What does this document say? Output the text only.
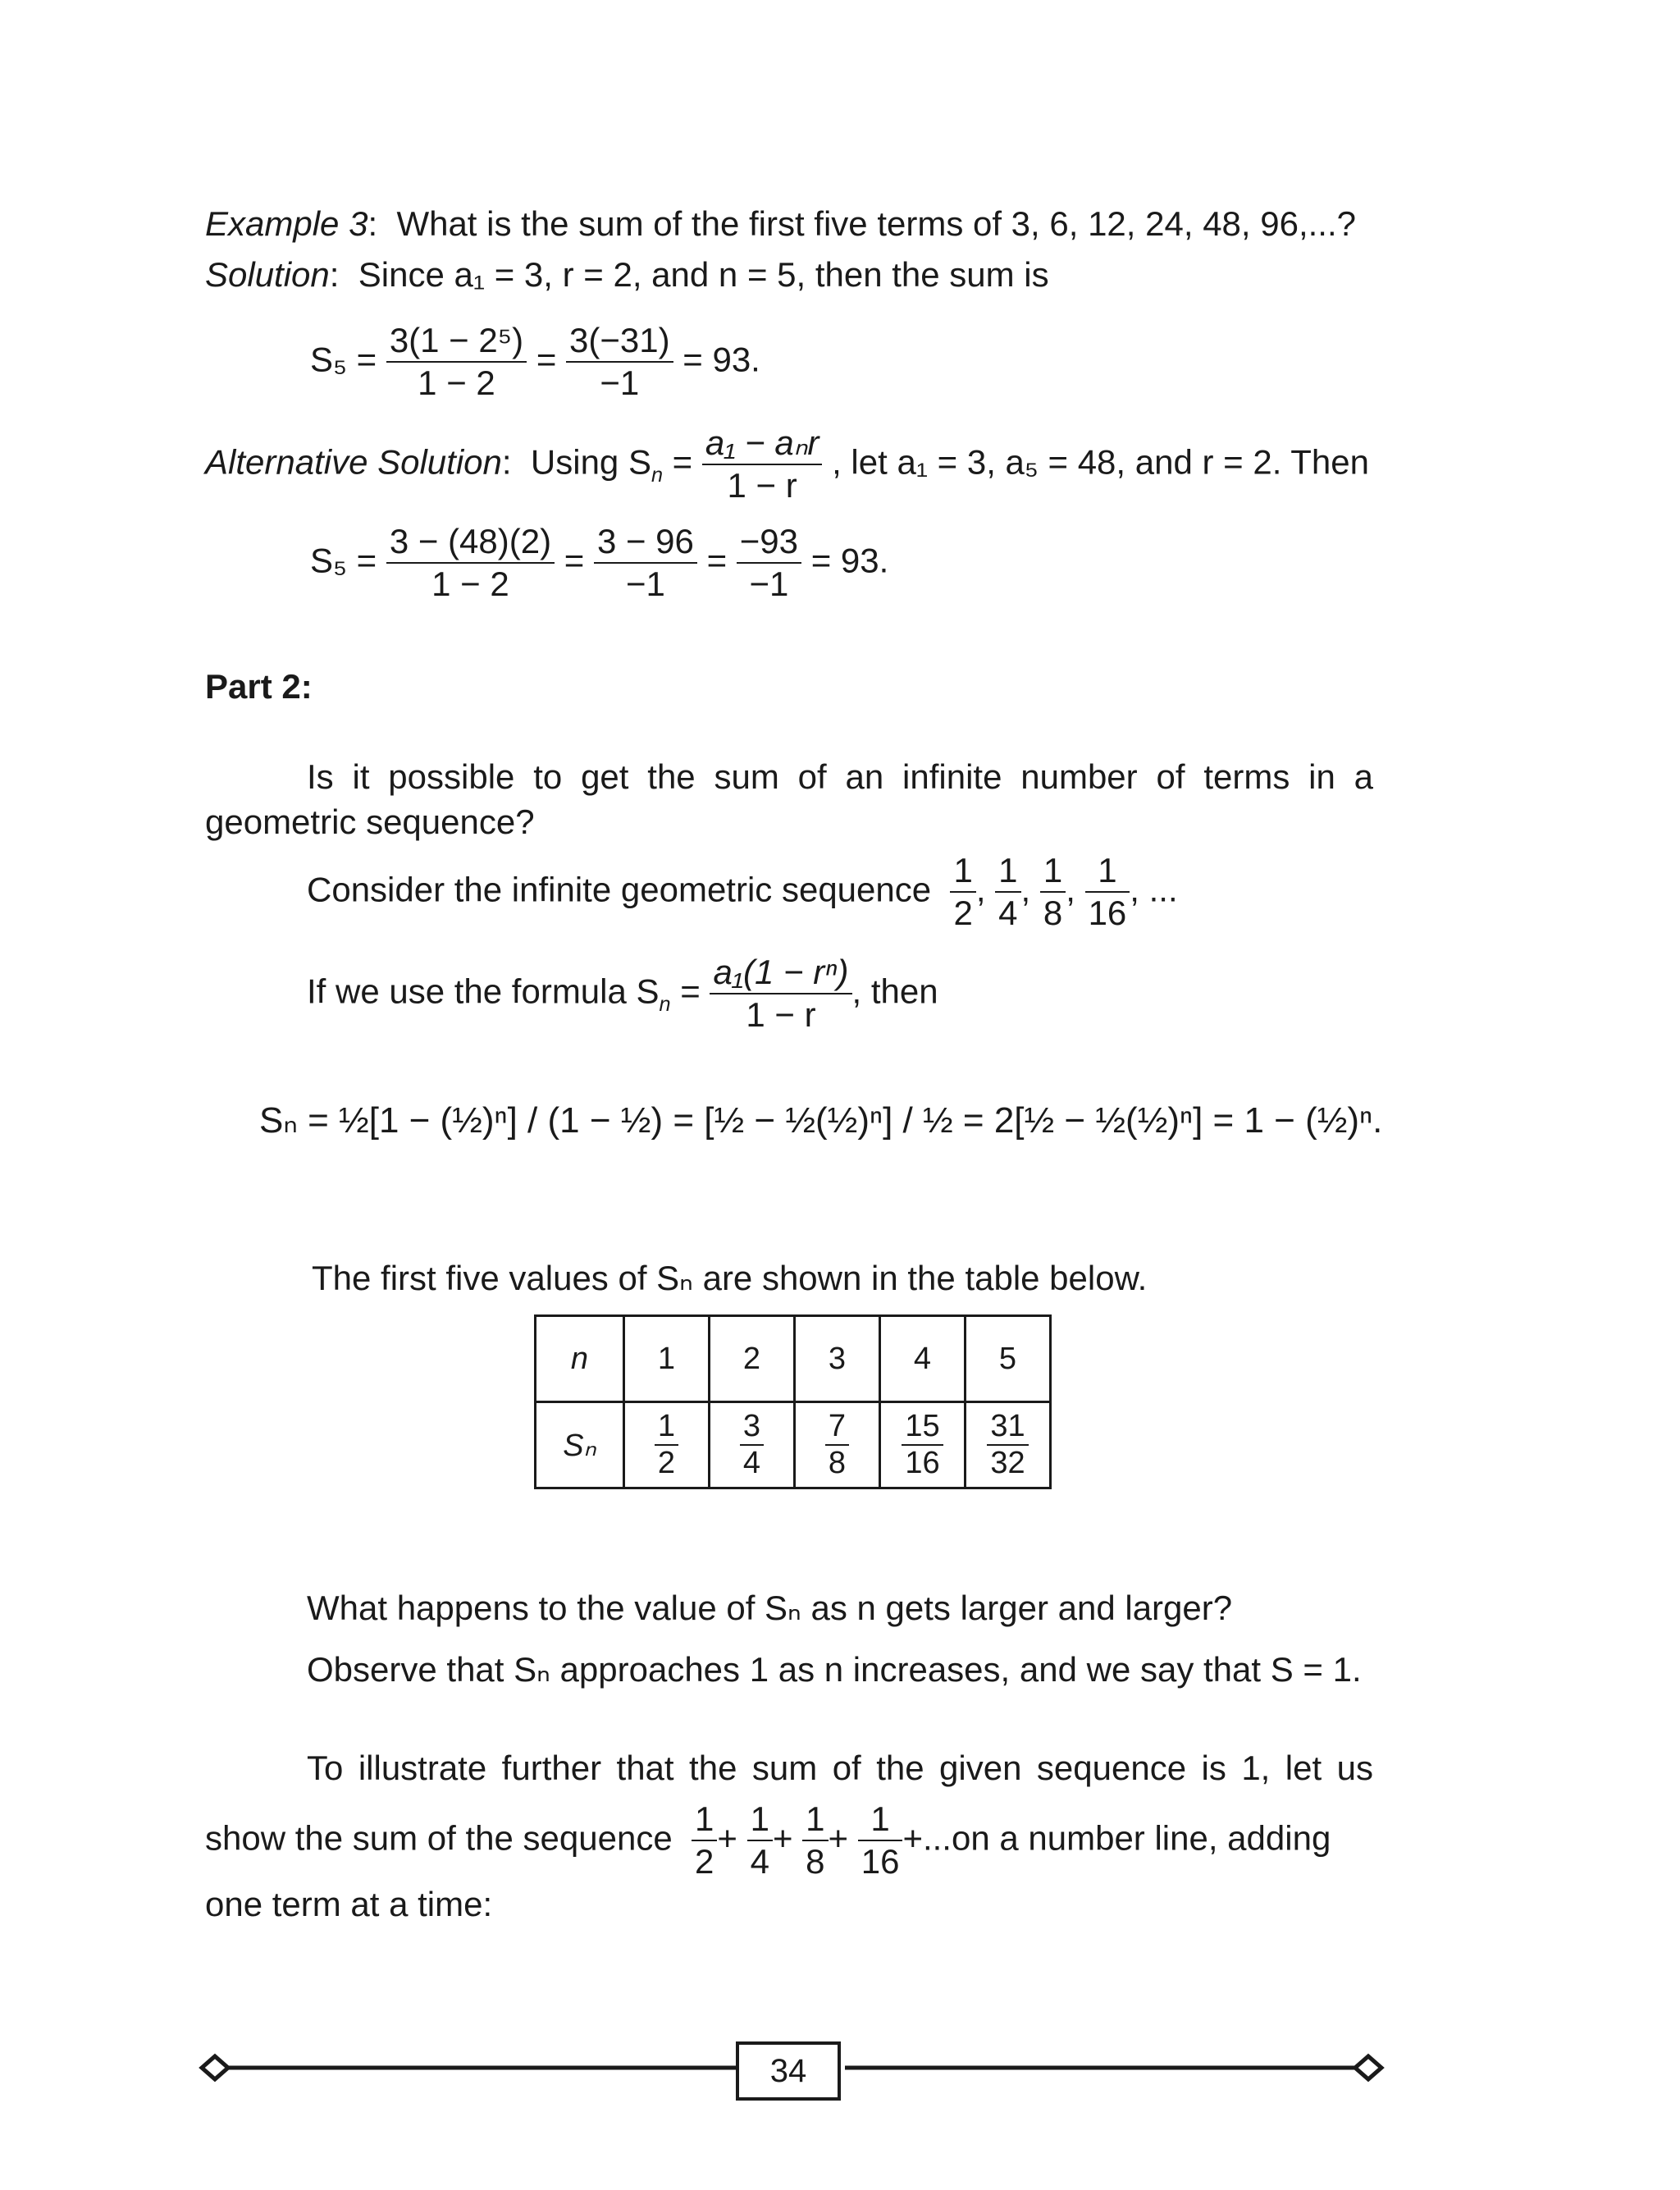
Example 3:  What is the sum of the first five terms of 3, 6, 12, 24, 48, 96,...?
Solution:  Since a₁ = 3, r = 2, and n = 5, then the sum is
$S_5 = \frac{\text{3(1 − 2⁵)}}{1 - 2} = \frac{3(-31)}{-1} = 93$.
Alternative Solution:  Using $S_n = \frac{\text{a₁ − aₙr}}{1 - r}$ , let a₁ = 3, a₅ = 48, and r = 2. Then
$S_5 = \frac{3 - (48)(2)}{1 - 2} = \frac{3 - 96}{-1} = \frac{-93}{-1} = 93$.
Part 2:
Is it possible to get the sum of an infinite number of terms in a
geometric sequence?
Consider the infinite geometric sequence $\frac{1}{2}$ , $\frac{1}{4}$ , $\frac{1}{8}$ , $\frac{1}{16}$ , ...
If we use the formula $S_n = \frac{\text{a₁(1 − rⁿ)}}{1 - r}$ , then
Sₙ = ½[1 − (½)ⁿ] / (1 − ½) = [½ − ½(½)ⁿ] / ½ = 2[½ − ½(½)ⁿ] = 1 − (½)ⁿ.
The first five values of Sₙ are shown in the table below.
n	1	2	3	4	5
Sₙ	$\frac{1}{2}$	$\frac{3}{4}$	$\frac{7}{8}$	$\frac{15}{16}$	$\frac{31}{32}$
What happens to the value of Sₙ as n gets larger and larger?
Observe that Sₙ approaches 1 as n increases, and we say that S = 1.
To illustrate further that the sum of the given sequence is 1, let us
show the sum of the sequence $\frac{1}{2} + \frac{1}{4} + \frac{1}{8} + \frac{1}{16} +...on$ a number line, adding
one term at a time:
34
